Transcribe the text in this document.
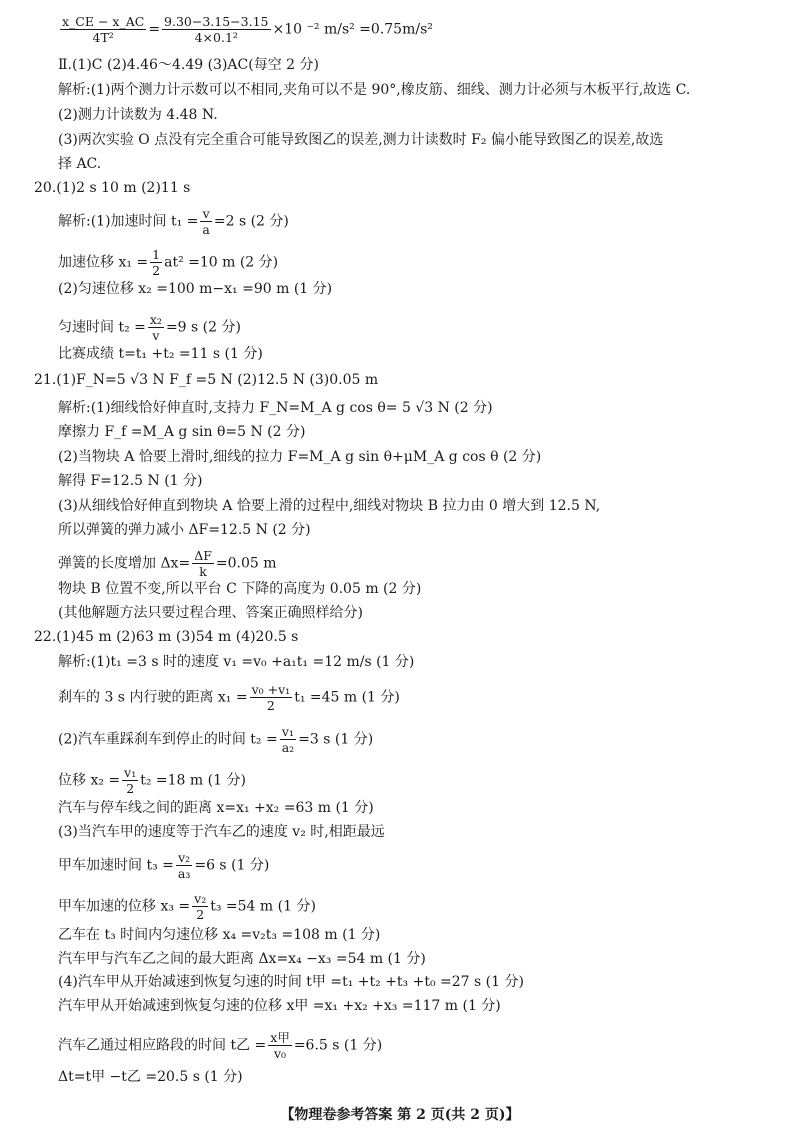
$\frac{x\_CE - x\_AC}{\text{4T²}} = \frac{9.30-3.15-3.15}{\text{4×0.1²}} \times 10$ ⁻² m/s² =0.75m/s²
Ⅱ.(1)C (2)4.46～4.49 (3)AC(每空 2 分)
解析:(1)两个测力计示数可以不相同,夹角可以不是 90°,橡皮筋、细线、测力计必须与木板平行,故选 C.
(2)测力计读数为 4.48 N.
(3)两次实验 O 点没有完全重合可能导致图乙的误差,测力计读数时 F₂ 偏小能导致图乙的误差,故选
择 AC.
20.(1)2 s 10 m (2)11 s
解析:(1)加速时间 $t_1 = \frac{v}{a} =2$ s (2 分)
加速位移 $x_1 = \frac{1}{2} at^2 =10$ m (2 分)
(2)匀速位移 x₂ =100 m−x₁ =90 m (1 分)
匀速时间 $t_2 = \frac{\text{x₂}}{v} =9$ s (2 分)
比赛成绩 t=t₁ +t₂ =11 s (1 分)
21.(1)F_N=5 √3 N F_f =5 N (2)12.5 N (3)0.05 m
解析:(1)细线恰好伸直时,支持力 F_N=M_A g cos θ= 5 √3 N (2 分)
摩擦力 F_f =M_A g sin θ=5 N (2 分)
(2)当物块 A 恰要上滑时,细线的拉力 F=M_A g sin θ+μM_A g cos θ (2 分)
解得 F=12.5 N (1 分)
(3)从细线恰好伸直到物块 A 恰要上滑的过程中,细线对物块 B 拉力由 0 增大到 12.5 N,
所以弹簧的弹力减小 ΔF=12.5 N (2 分)
弹簧的长度增加 $\Delta x= \frac{\Delta F}{k} =0.05$ m
物块 B 位置不变,所以平台 C 下降的高度为 0.05 m (2 分)
(其他解题方法只要过程合理、答案正确照样给分)
22.(1)45 m (2)63 m (3)54 m (4)20.5 s
解析:(1)t₁ =3 s 时的速度 v₁ =v₀ +a₁t₁ =12 m/s (1 分)
刹车的 3 s 内行驶的距离 $x_1 = \frac{\text{v₀ +v₁}}{2} t_1 =45$ m (1 分)
(2)汽车重踩刹车到停止的时间 $t_2 = \frac{\text{v₁}}{\text{a₂}} =3$ s (1 分)
位移 $x_2 = \frac{\text{v₁}}{2} t_2 =18$ m (1 分)
汽车与停车线之间的距离 x=x₁ +x₂ =63 m (1 分)
(3)当汽车甲的速度等于汽车乙的速度 v₂ 时,相距最远
甲车加速时间 $t_3 = \frac{\text{v₂}}{\text{a₃}} =6$ s (1 分)
甲车加速的位移 $x_3 = \frac{\text{v₂}}{2} t_3 =54$ m (1 分)
乙车在 t₃ 时间内匀速位移 x₄ =v₂t₃ =108 m (1 分)
汽车甲与汽车乙之间的最大距离 Δx=x₄ −x₃ =54 m (1 分)
(4)汽车甲从开始减速到恢复匀速的时间 t甲 =t₁ +t₂ +t₃ +t₀ =27 s (1 分)
汽车甲从开始减速到恢复匀速的位移 x甲 =x₁ +x₂ +x₃ =117 m (1 分)
汽车乙通过相应路段的时间 t乙 = $\frac{\text{x甲}}{\text{v₀}} =6.5$ s (1 分)
Δt=t甲 −t乙 =20.5 s (1 分)
【物理卷参考答案 第 2 页(共 2 页)】
